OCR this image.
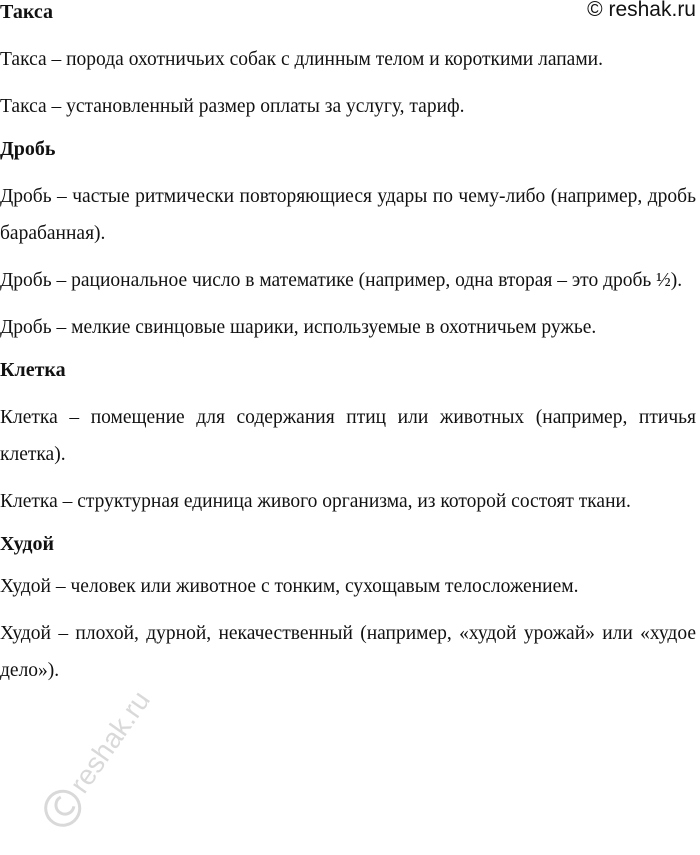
© reshak.ru
Такса

Такса – порода охотничьих собак с длинным телом и короткими лапами.

Такса – установленный размер оплаты за услугу, тариф.

Дробь

Дробь – частые ритмически повторяющиеся удары по чему-либо (например, дробь барабанная).

Дробь – рациональное число в математике (например, одна вторая – это дробь ½).

Дробь – мелкие свинцовые шарики, используемые в охотничьем ружье.

Клетка

Клетка – помещение для содержания птиц или животных (например, птичья клетка).

Клетка – структурная единица живого организма, из которой состоят ткани.

Худой

Худой – человек или животное с тонким, сухощавым телосложением.

Худой – плохой, дурной, некачественный (например, «худой урожай» или «худое дело»).

reshak.ru
